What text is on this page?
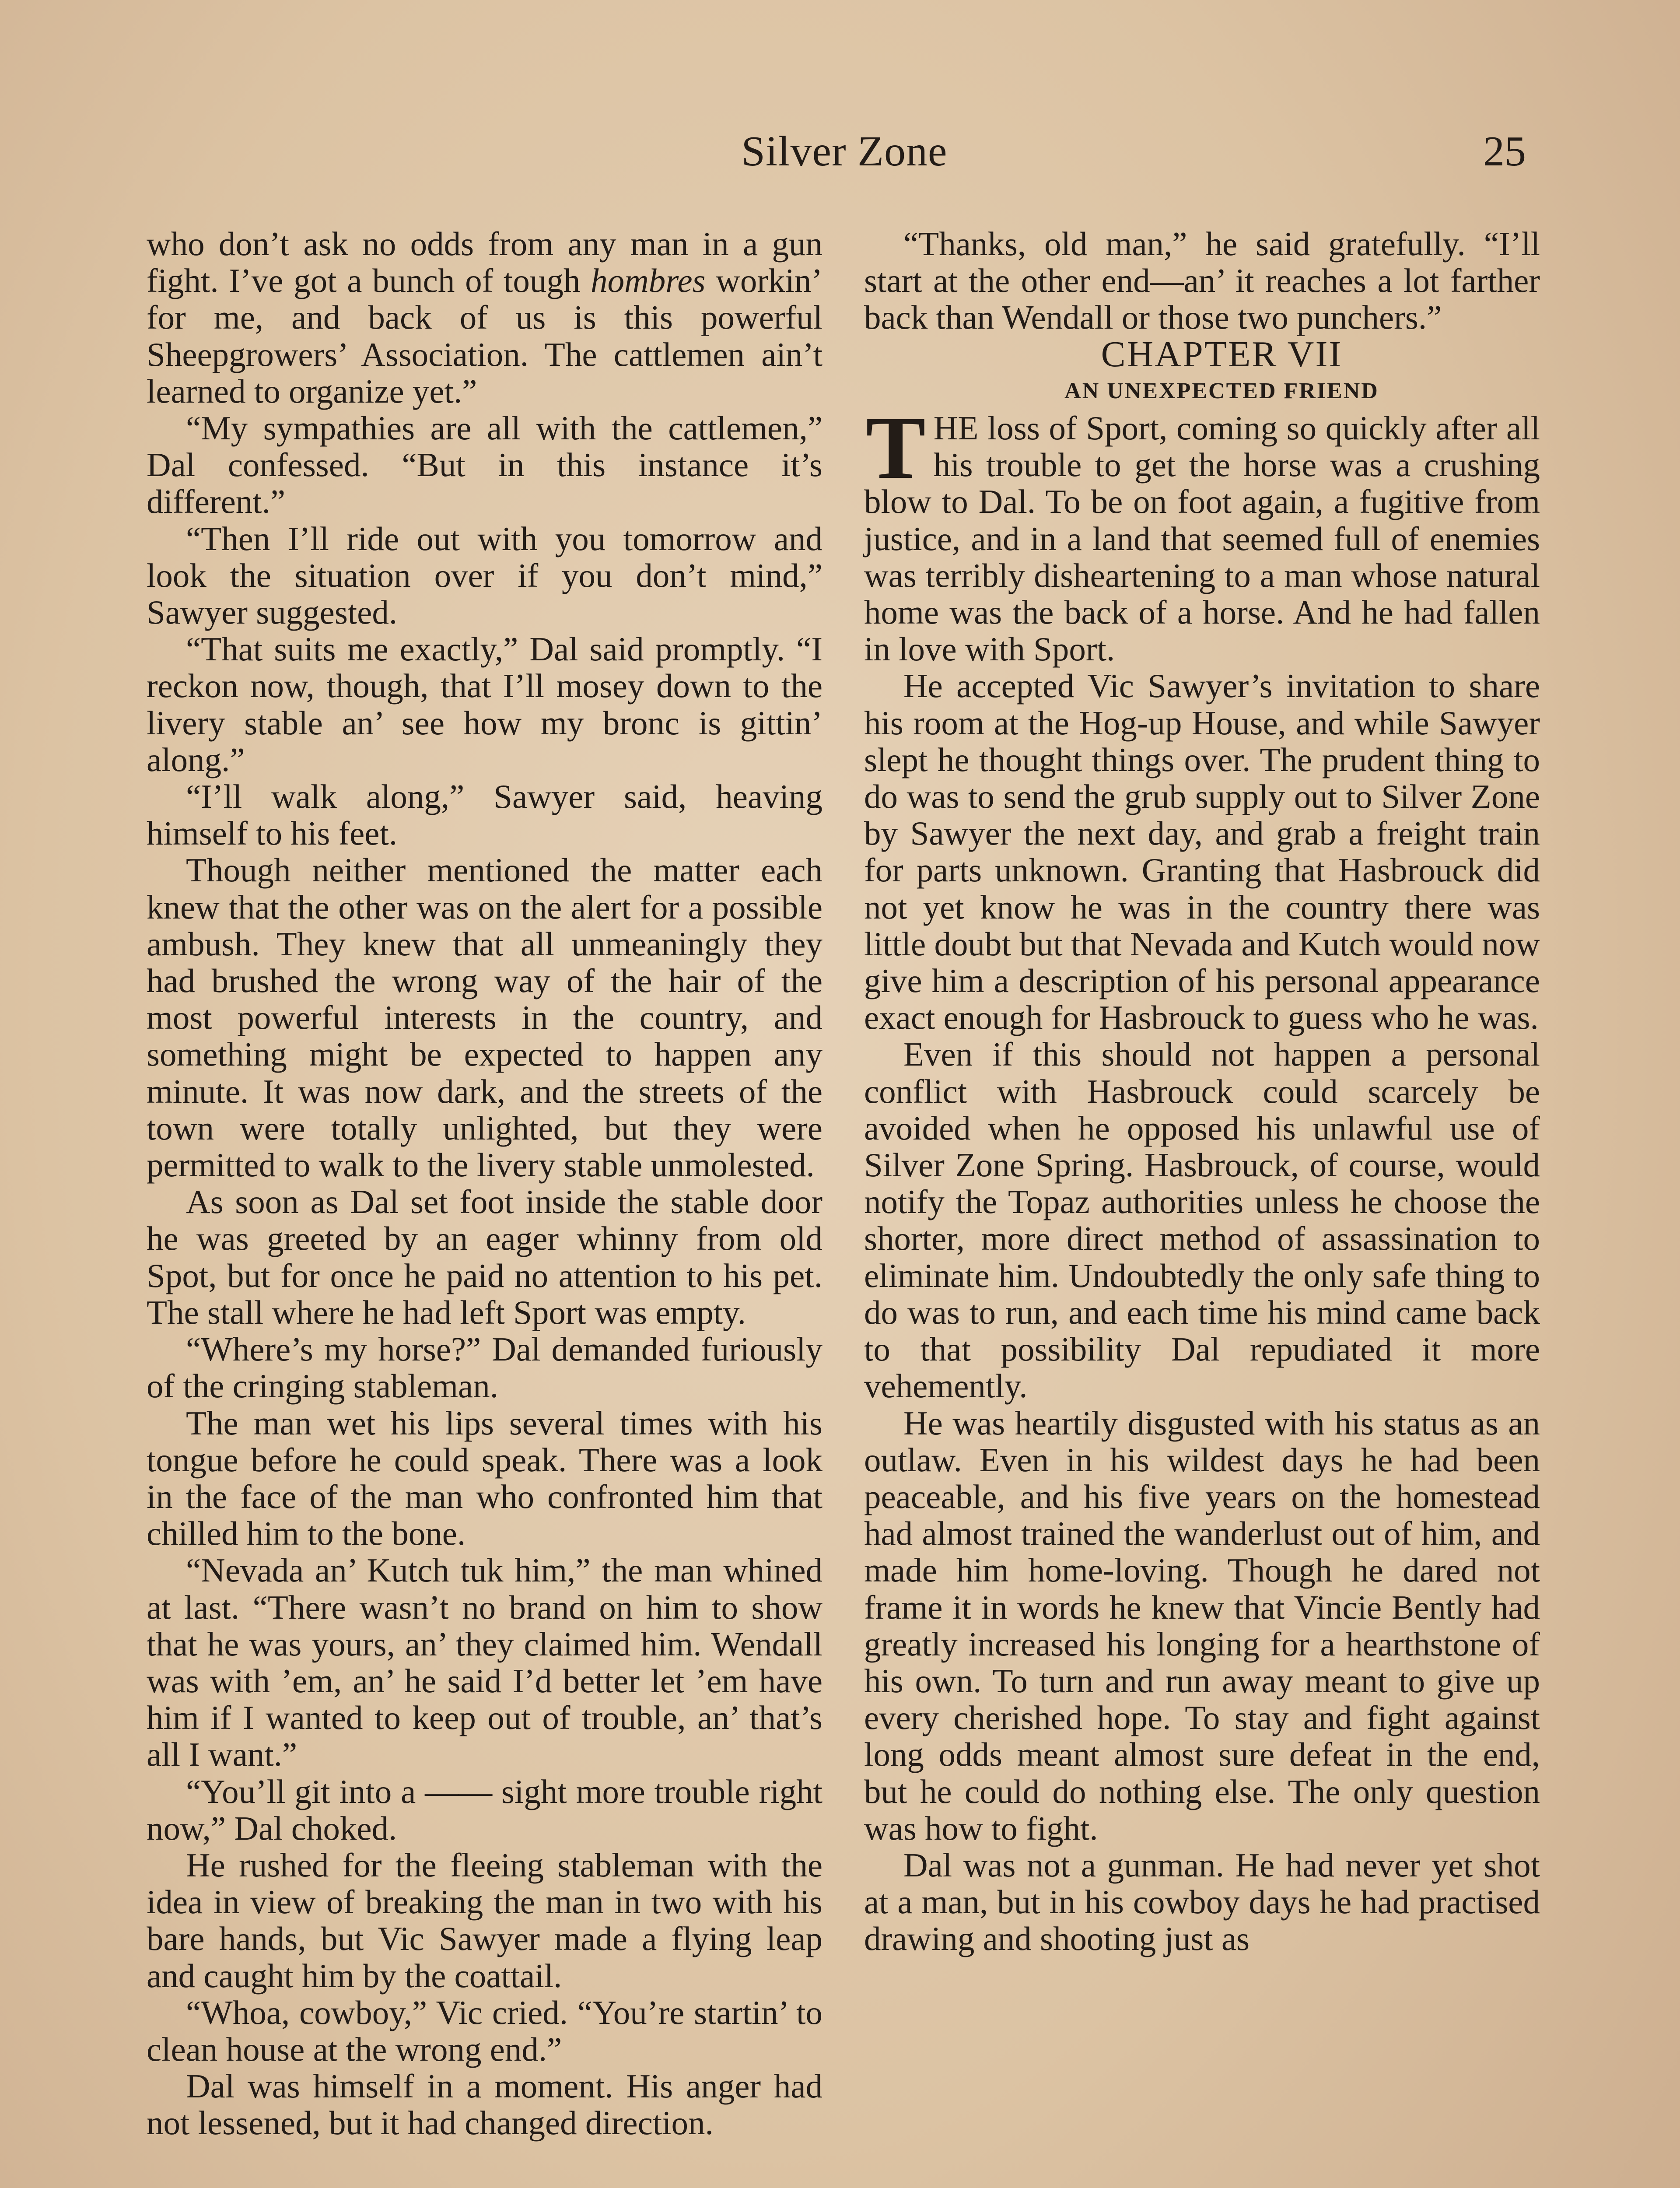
Silver Zone	25

who don’t ask no odds from any man in a gun fight. I’ve got a bunch of tough hombres workin’ for me, and back of us is this powerful Sheepgrowers’ Association. The cattlemen ain’t learned to organize yet.”

“My sympathies are all with the cattlemen,” Dal confessed. “But in this instance it’s different.”

“Then I’ll ride out with you tomorrow and look the situation over if you don’t mind,” Sawyer suggested.

“That suits me exactly,” Dal said promptly. “I reckon now, though, that I’ll mosey down to the livery stable an’ see how my bronc is gittin’ along.”

“I’ll walk along,” Sawyer said, heaving himself to his feet.

Though neither mentioned the matter each knew that the other was on the alert for a possible ambush. They knew that all unmeaningly they had brushed the wrong way of the hair of the most powerful interests in the country, and something might be expected to happen any minute. It was now dark, and the streets of the town were totally unlighted, but they were permitted to walk to the livery stable unmolested.

As soon as Dal set foot inside the stable door he was greeted by an eager whinny from old Spot, but for once he paid no attention to his pet. The stall where he had left Sport was empty.

“Where’s my horse?” Dal demanded furiously of the cringing stableman.

The man wet his lips several times with his tongue before he could speak. There was a look in the face of the man who confronted him that chilled him to the bone.

“Nevada an’ Kutch tuk him,” the man whined at last. “There wasn’t no brand on him to show that he was yours, an’ they claimed him. Wendall was with ’em, an’ he said I’d better let ’em have him if I wanted to keep out of trouble, an’ that’s all I want.”

“You’ll git into a —— sight more trouble right now,” Dal choked.

He rushed for the fleeing stableman with the idea in view of breaking the man in two with his bare hands, but Vic Sawyer made a flying leap and caught him by the coattail.

“Whoa, cowboy,” Vic cried. “You’re startin’ to clean house at the wrong end.”

Dal was himself in a moment. His anger had not lessened, but it had changed direction.

“Thanks, old man,” he said gratefully. “I’ll start at the other end—an’ it reaches a lot farther back than Wendall or those two punchers.”

CHAPTER VII

AN UNEXPECTED FRIEND

THE loss of Sport, coming so quickly after all his trouble to get the horse was a crushing blow to Dal. To be on foot again, a fugitive from justice, and in a land that seemed full of enemies was terribly disheartening to a man whose natural home was the back of a horse. And he had fallen in love with Sport.

He accepted Vic Sawyer’s invitation to share his room at the Hog-up House, and while Sawyer slept he thought things over. The prudent thing to do was to send the grub supply out to Silver Zone by Sawyer the next day, and grab a freight train for parts unknown. Granting that Hasbrouck did not yet know he was in the country there was little doubt but that Nevada and Kutch would now give him a description of his personal appearance exact enough for Hasbrouck to guess who he was.

Even if this should not happen a personal conflict with Hasbrouck could scarcely be avoided when he opposed his unlawful use of Silver Zone Spring. Hasbrouck, of course, would notify the Topaz authorities unless he choose the shorter, more direct method of assassination to eliminate him. Undoubtedly the only safe thing to do was to run, and each time his mind came back to that possibility Dal repudiated it more vehemently.

He was heartily disgusted with his status as an outlaw. Even in his wildest days he had been peaceable, and his five years on the homestead had almost trained the wanderlust out of him, and made him home-loving. Though he dared not frame it in words he knew that Vincie Bently had greatly increased his longing for a hearthstone of his own. To turn and run away meant to give up every cherished hope. To stay and fight against long odds meant almost sure defeat in the end, but he could do nothing else. The only question was how to fight.

Dal was not a gunman. He had never yet shot at a man, but in his cowboy days he had practised drawing and shooting just as
